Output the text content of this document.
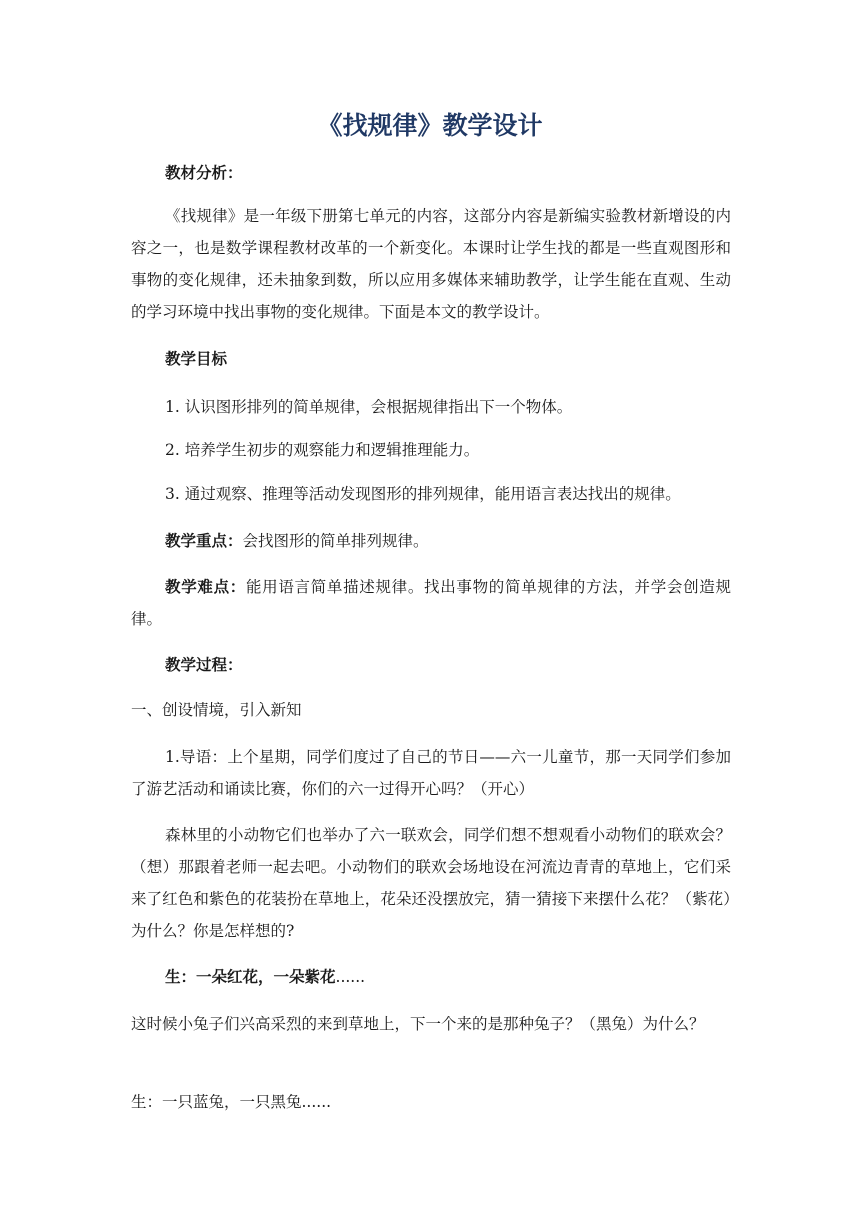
《找规律》教学设计

教材分析：

《找规律》是一年级下册第七单元的内容，这部分内容是新编实验教材新增设的内容之一，也是数学课程教材改革的一个新变化。本课时让学生找的都是一些直观图形和事物的变化规律，还未抽象到数，所以应用多媒体来辅助教学，让学生能在直观、生动的学习环境中找出事物的变化规律。下面是本文的教学设计。

教学目标

1. 认识图形排列的简单规律，会根据规律指出下一个物体。

2. 培养学生初步的观察能力和逻辑推理能力。

3. 通过观察、推理等活动发现图形的排列规律，能用语言表达找出的规律。

教学重点：会找图形的简单排列规律。

教学难点：能用语言简单描述规律。找出事物的简单规律的方法，并学会创造规律。

教学过程：

一、创设情境，引入新知

1.导语：上个星期，同学们度过了自己的节日——六一儿童节，那一天同学们参加了游艺活动和诵读比赛，你们的六一过得开心吗？（开心）

森林里的小动物它们也举办了六一联欢会，同学们想不想观看小动物们的联欢会？（想）那跟着老师一起去吧。小动物们的联欢会场地设在河流边青青的草地上，它们采来了红色和紫色的花装扮在草地上，花朵还没摆放完，猜一猜接下来摆什么花？（紫花）为什么？你是怎样想的?

生：一朵红花，一朵紫花......

这时候小兔子们兴高采烈的来到草地上，下一个来的是那种兔子？（黑兔）为什么？

生：一只蓝兔，一只黑兔......
